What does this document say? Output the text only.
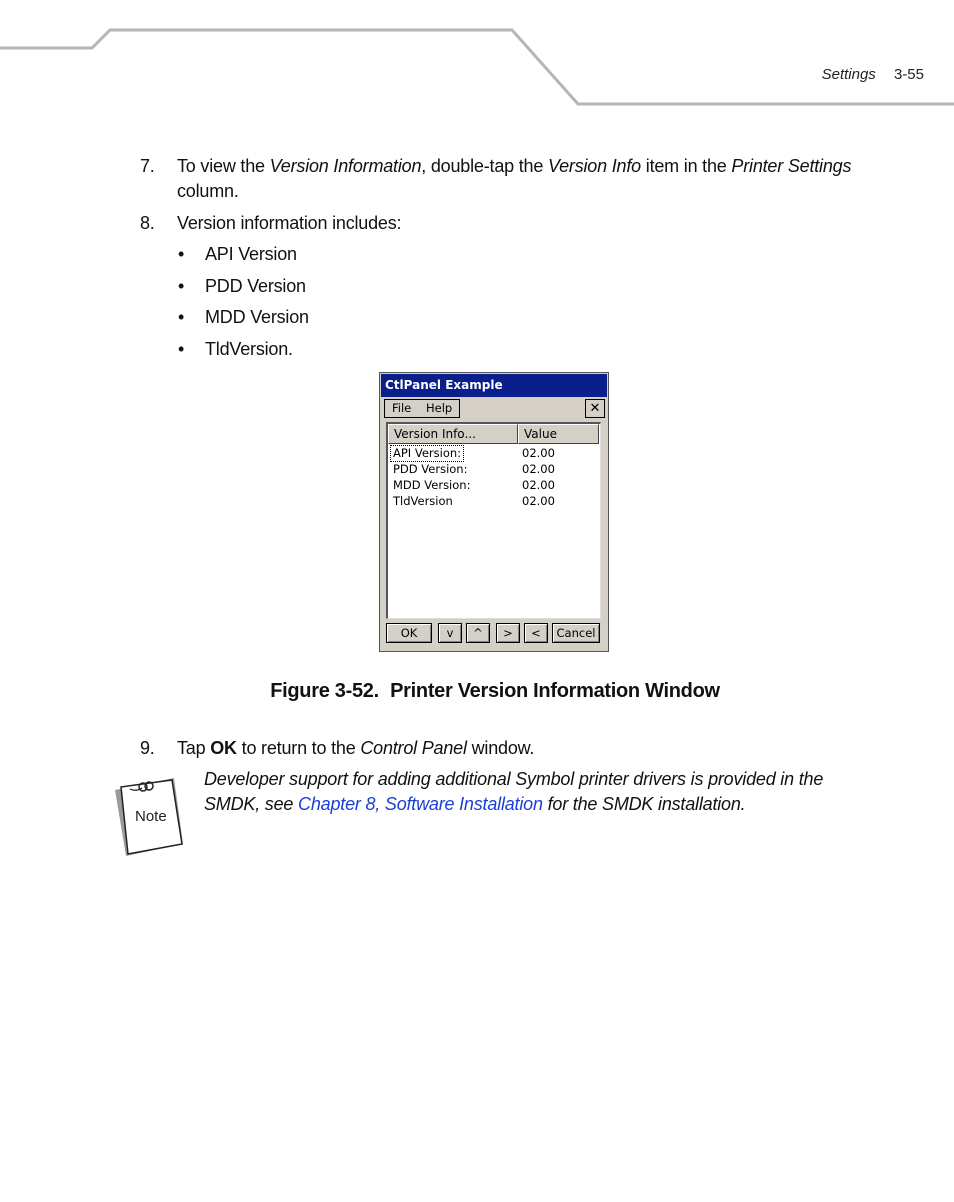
Settings 3-55
7. To view the Version Information, double-tap the Version Info item in the Printer Settings column.
8. Version information includes:
• API Version
• PDD Version
• MDD Version
• TldVersion.
CtlPanel Example
File Help	✕
Version Info...	Value
API Version:	02.00
PDD Version:	02.00
MDD Version:	02.00
TldVersion	02.00
OK	v	^	>	<	Cancel
Figure 3-52. Printer Version Information Window
9. Tap OK to return to the Control Panel window.
Note
Developer support for adding additional Symbol printer drivers is provided in the SMDK, see Chapter 8, Software Installation for the SMDK installation.
